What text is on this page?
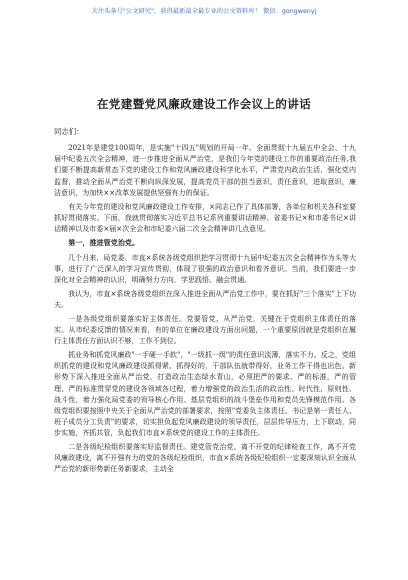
关注头条号"公文研究"，获得最新最全最专业的公文资料库！ 微信：gongwenyj
在党建暨党风廉政建设工作会议上的讲话
同志们：

2021年是建党100周年，是实施"十四五"规划的开局一年、全面贯彻十九届五中全会、十九届中纪委五次全会精神，进一步推进全面从严治党，是我们今年党的建设工作的重要政治任务,我们要不断提高新常态下党的建设工作和党风廉政建设科学化水平，严肃党内政治生活，强化党内监督，推动全面从严治党不断向纵深发展，提高党员干部的担当意识、责任意识，进取意识，廉洁意识，为加快××改革发展提供坚强有力的保证。

有关今年党的建设和党风廉政建设工作安排，×同志已作了具体部署，各单位和机关各科室要抓好贯彻落实。下面，我就贯彻落实习近平总书记系列重要讲话精神、省委书记×和市委书记×讲话精神以及市委×届×次全会和市纪委六届二次全会精神讲几点意见。

第一，推进管党治党。

几个月来，局党委、市直×系统各级党组织把学习贯彻十九届中纪委五次全会精神作为头等大事，进行了广泛深入的学习宣传贯彻，体现了很强的政治意识和看齐意识。当前，我们要进一步深化对全会精神的认识，明确努力方向，学思践悟、融会贯通。

我认为，市直×系统各级党组织在深入推进全面从严治党工作中，要在抓好"三个落实"上下功夫。

一是各级党组织要落实好主体责任。党要管党、从严治党，关键在于党组织主体责任的落实。从市纪委反馈的情况来看，有的单位在廉政建设方面出问题，一个重要原因就是党组织在履行主体责任方面认识不够，工作不到位。

抓业务和抓党风廉政"一手硬一手软"，"一级抓一级"的责任意识淡薄，落实不力。反之，党组织抓党的建设和党风廉政建设抓得紧、抓得好的，干部队伍就带得好，业务工作干得也出色。新形势下深入推进全面从严治党，打造政治生态绿水青山，必须把严的要求、严的标准，严的管理、严的标准贯穿党的建设各领域各过程，着力增强党的政治生活的政治性、时代性、原则性、战斗性，着力强化局党委的领导核心作用、基层党组织的战斗堡垒作用和党员先锋模范作用。各级党组织要按照中央关于全面从严治党的部署要求，按照"党委负主体责任、书记是第一责任人、班子成员分工负责"的要求，切实担负起党风廉政建设的领导责任，层层传导压力，上下联动，同步实施，齐抓共管，负起我们市直×系统党的建设工作的主体责任。

二是各级纪检组织要落实好监督责任。建党管党治党，离不开党的纪律检查工作，离不开党风廉政建设，离不开强有力的党的各级纪检组织，市直×系统各级纪检组织一定要深刻认识全面从严治党的新形势新任务新要求，主动全
